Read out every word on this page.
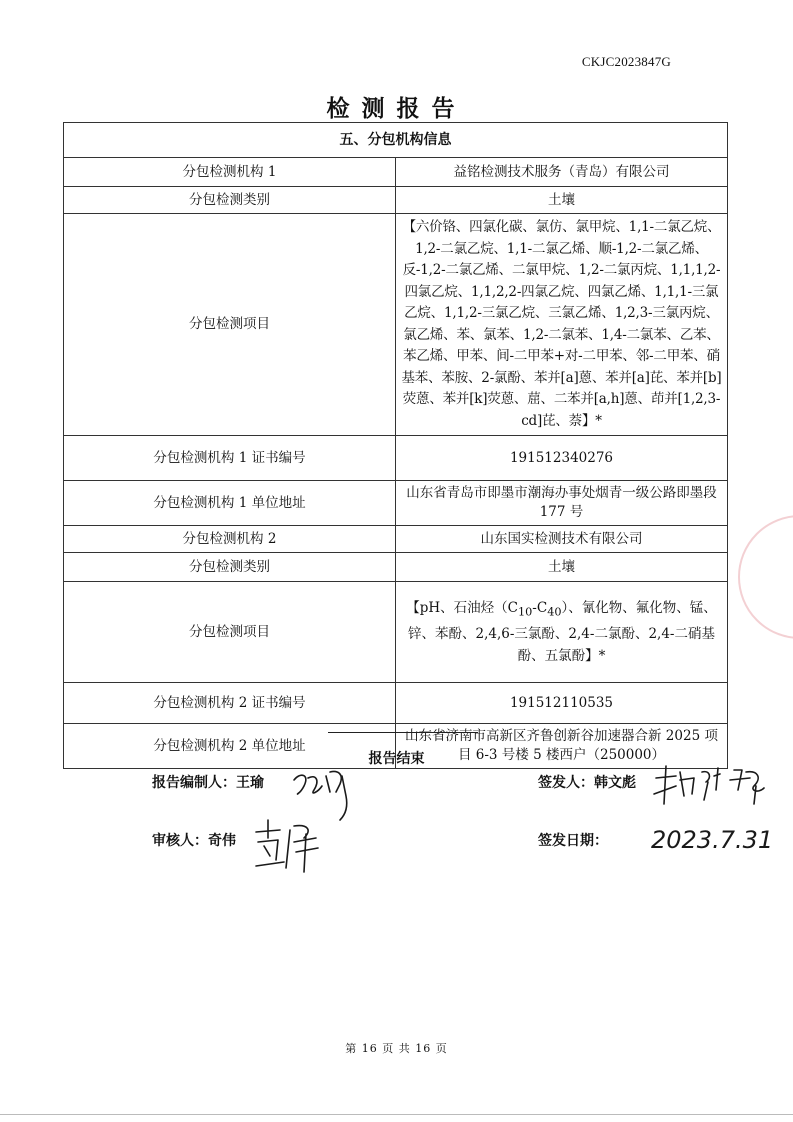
CKJC2023847G
检测报告
五、分包机构信息	
分包检测机构 1	益铭检测技术服务（青岛）有限公司
分包检测类别	土壤
分包检测项目	【六价铬、四氯化碳、氯仿、氯甲烷、1,1-二氯乙烷、1,2-二氯乙烷、1,1-二氯乙烯、顺-1,2-二氯乙烯、反-1,2-二氯乙烯、二氯甲烷、1,2-二氯丙烷、1,1,1,2-四氯乙烷、1,1,2,2-四氯乙烷、四氯乙烯、1,1,1-三氯乙烷、1,1,2-三氯乙烷、三氯乙烯、1,2,3-三氯丙烷、氯乙烯、苯、氯苯、1,2-二氯苯、1,4-二氯苯、乙苯、苯乙烯、甲苯、间-二甲苯+对-二甲苯、邻-二甲苯、硝基苯、苯胺、2-氯酚、苯并[a]蒽、苯并[a]芘、苯并[b]荧蒽、苯并[k]荧蒽、䓛、二苯并[a,h]蒽、茚并[1,2,3-cd]芘、萘】*
分包检测机构 1 证书编号	191512340276
分包检测机构 1 单位地址	山东省青岛市即墨市潮海办事处烟青一级公路即墨段 177 号
分包检测机构 2	山东国实检测技术有限公司
分包检测类别	土壤
分包检测项目	【pH、石油烃$(C_{10}-C_{40})$、氰化物、氟化物、锰、锌、苯酚、2,4,6-三氯酚、2,4-二氯酚、2,4-二硝基酚、五氯酚】*
分包检测机构 2 证书编号	191512110535
分包检测机构 2 单位地址	山东省济南市高新区齐鲁创新谷加速器合新 2025 项目 6-3 号楼 5 楼西户（250000）
报告结束
报告编制人：王瑜	签发人：韩文彪
审核人：奇伟	签发日期： 2023.7.31
第 16 页 共 16 页
